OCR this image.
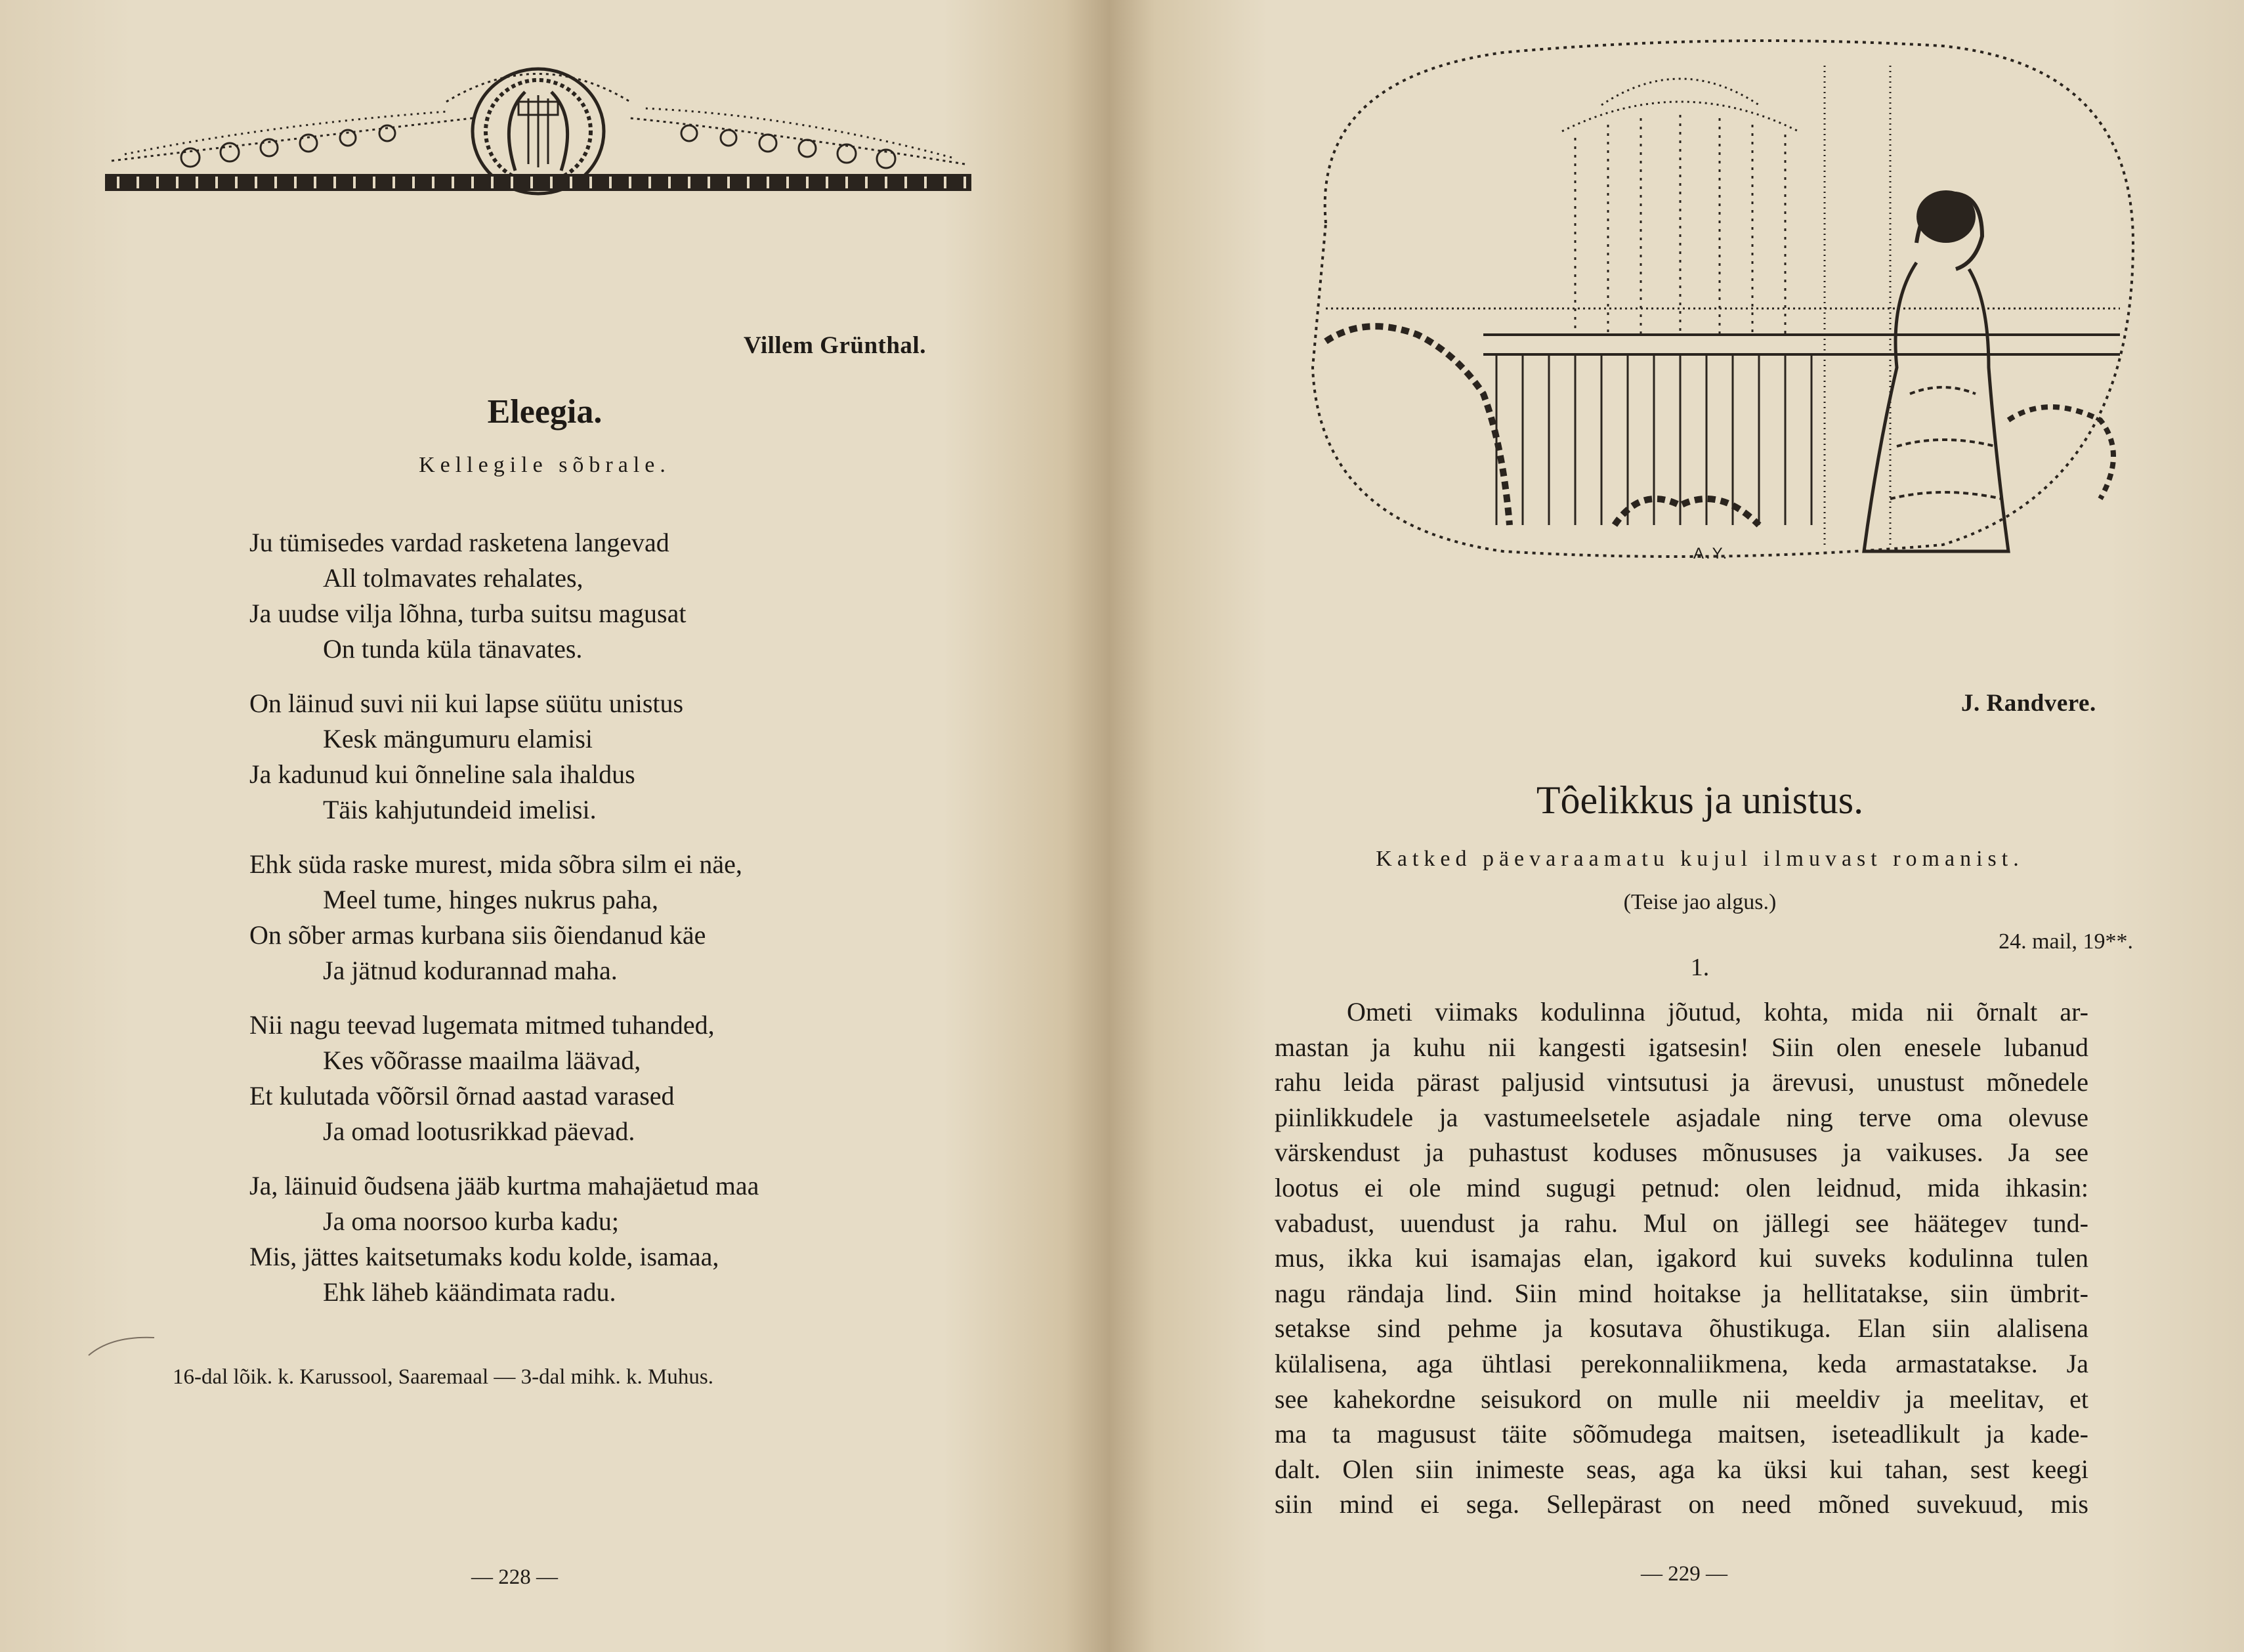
Villem Grünthal.
Eleegia.
Kellegile sõbrale.
Ju tümisedes vardad rasketena langevad
All tolmavates rehalates,
Ja uudse vilja lõhna, turba suitsu magusat
On tunda küla tänavates.
On läinud suvi nii kui lapse süütu unistus
Kesk mängumuru elamisi
Ja kadunud kui õnneline sala ihaldus
Täis kahjutundeid imelisi.
Ehk süda raske murest, mida sõbra silm ei näe,
Meel tume, hinges nukrus paha,
On sõber armas kurbana siis õiendanud käe
Ja jätnud kodurannad maha.
Nii nagu teevad lugemata mitmed tuhanded,
Kes võõrasse maailma läävad,
Et kulutada võõrsil õrnad aastad varased
Ja omad lootusrikkad päevad.
Ja, läinuid õudsena jääb kurtma mahajäetud maa
Ja oma noorsoo kurba kadu;
Mis, jättes kaitsetumaks kodu kolde, isamaa,
Ehk läheb käändimata radu.
16-dal lõik. k. Karussool, Saaremaal — 3-dal mihk. k. Muhus.
— 228 —
A.Y.
J. Randvere.
Tôelikkus ja unistus.
Katked päevaraamatu kujul ilmuvast romanist.
(Teise jao algus.)
24. mail, 19**.
1.
Ometi viimaks kodulinna jõutud, kohta, mida nii õrnalt ar-
mastan ja kuhu nii kangesti igatsesin! Siin olen enesele lubanud
rahu leida pärast paljusid vintsutusi ja ärevusi, unustust mõnedele
piinlikkudele ja vastumeelsetele asjadale ning terve oma olevuse
värskendust ja puhastust koduses mõnususes ja vaikuses. Ja see
lootus ei ole mind sugugi petnud: olen leidnud, mida ihkasin:
vabadust, uuendust ja rahu. Mul on jällegi see häätegev tund-
mus, ikka kui isamajas elan, igakord kui suveks kodulinna tulen
nagu rändaja lind. Siin mind hoitakse ja hellitatakse, siin ümbrit-
setakse sind pehme ja kosutava õhustikuga. Elan siin alalisena
külalisena, aga ühtlasi perekonnaliikmena, keda armastatakse. Ja
see kahekordne seisukord on mulle nii meeldiv ja meelitav, et
ma ta magusust täite sõõmudega maitsen, iseteadlikult ja kade-
dalt. Olen siin inimeste seas, aga ka üksi kui tahan, sest keegi
siin mind ei sega. Sellepärast on need mõned suvekuud, mis
— 229 —
